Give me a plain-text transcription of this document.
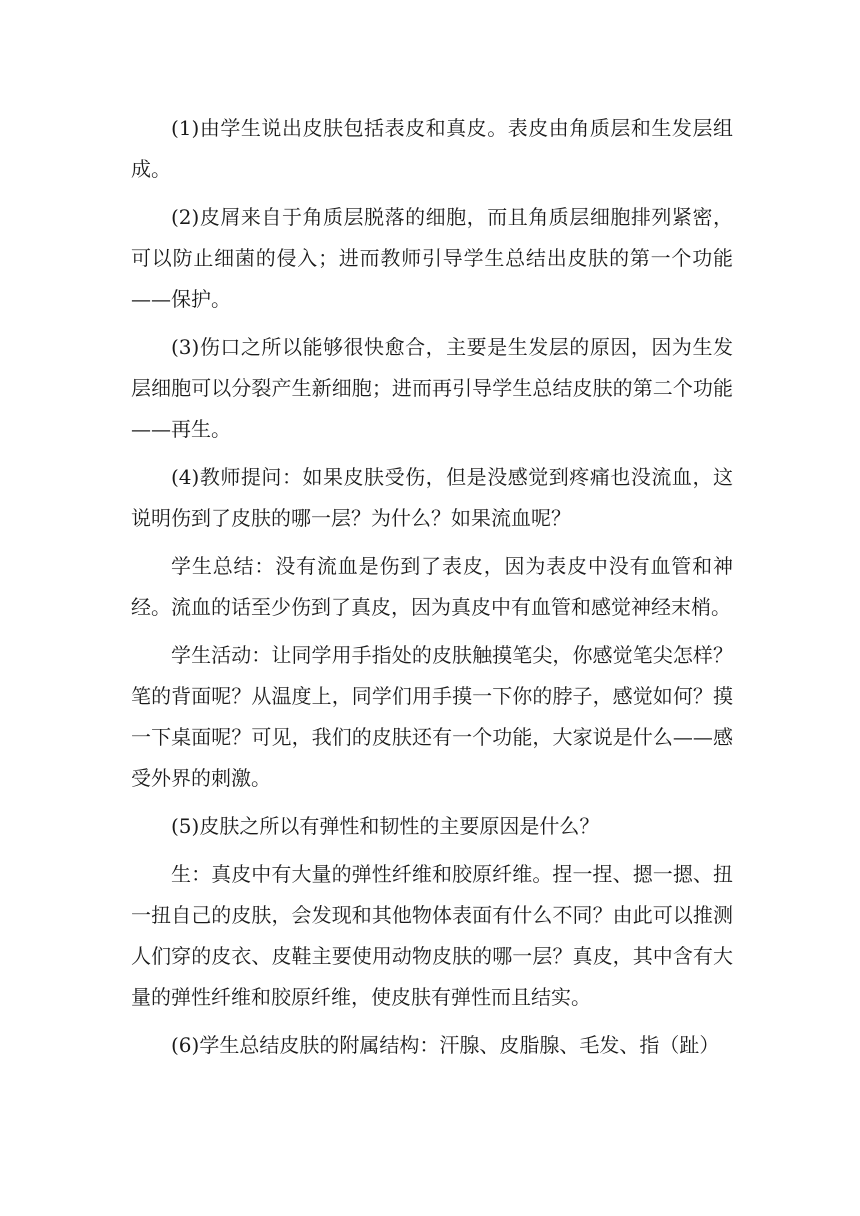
(1)由学生说出皮肤包括表皮和真皮。表皮由角质层和生发层组成。

(2)皮屑来自于角质层脱落的细胞，而且角质层细胞排列紧密，可以防止细菌的侵入；进而教师引导学生总结出皮肤的第一个功能——保护。

(3)伤口之所以能够很快愈合，主要是生发层的原因，因为生发层细胞可以分裂产生新细胞；进而再引导学生总结皮肤的第二个功能——再生。

(4)教师提问：如果皮肤受伤，但是没感觉到疼痛也没流血，这说明伤到了皮肤的哪一层？为什么？如果流血呢？

学生总结：没有流血是伤到了表皮，因为表皮中没有血管和神经。流血的话至少伤到了真皮，因为真皮中有血管和感觉神经末梢。

学生活动：让同学用手指处的皮肤触摸笔尖，你感觉笔尖怎样？笔的背面呢？从温度上，同学们用手摸一下你的脖子，感觉如何？摸一下桌面呢？可见，我们的皮肤还有一个功能，大家说是什么——感受外界的刺激。

(5)皮肤之所以有弹性和韧性的主要原因是什么？

生：真皮中有大量的弹性纤维和胶原纤维。捏一捏、摁一摁、扭一扭自己的皮肤，会发现和其他物体表面有什么不同？由此可以推测人们穿的皮衣、皮鞋主要使用动物皮肤的哪一层？真皮，其中含有大量的弹性纤维和胶原纤维，使皮肤有弹性而且结实。

(6)学生总结皮肤的附属结构：汗腺、皮脂腺、毛发、指（趾）
